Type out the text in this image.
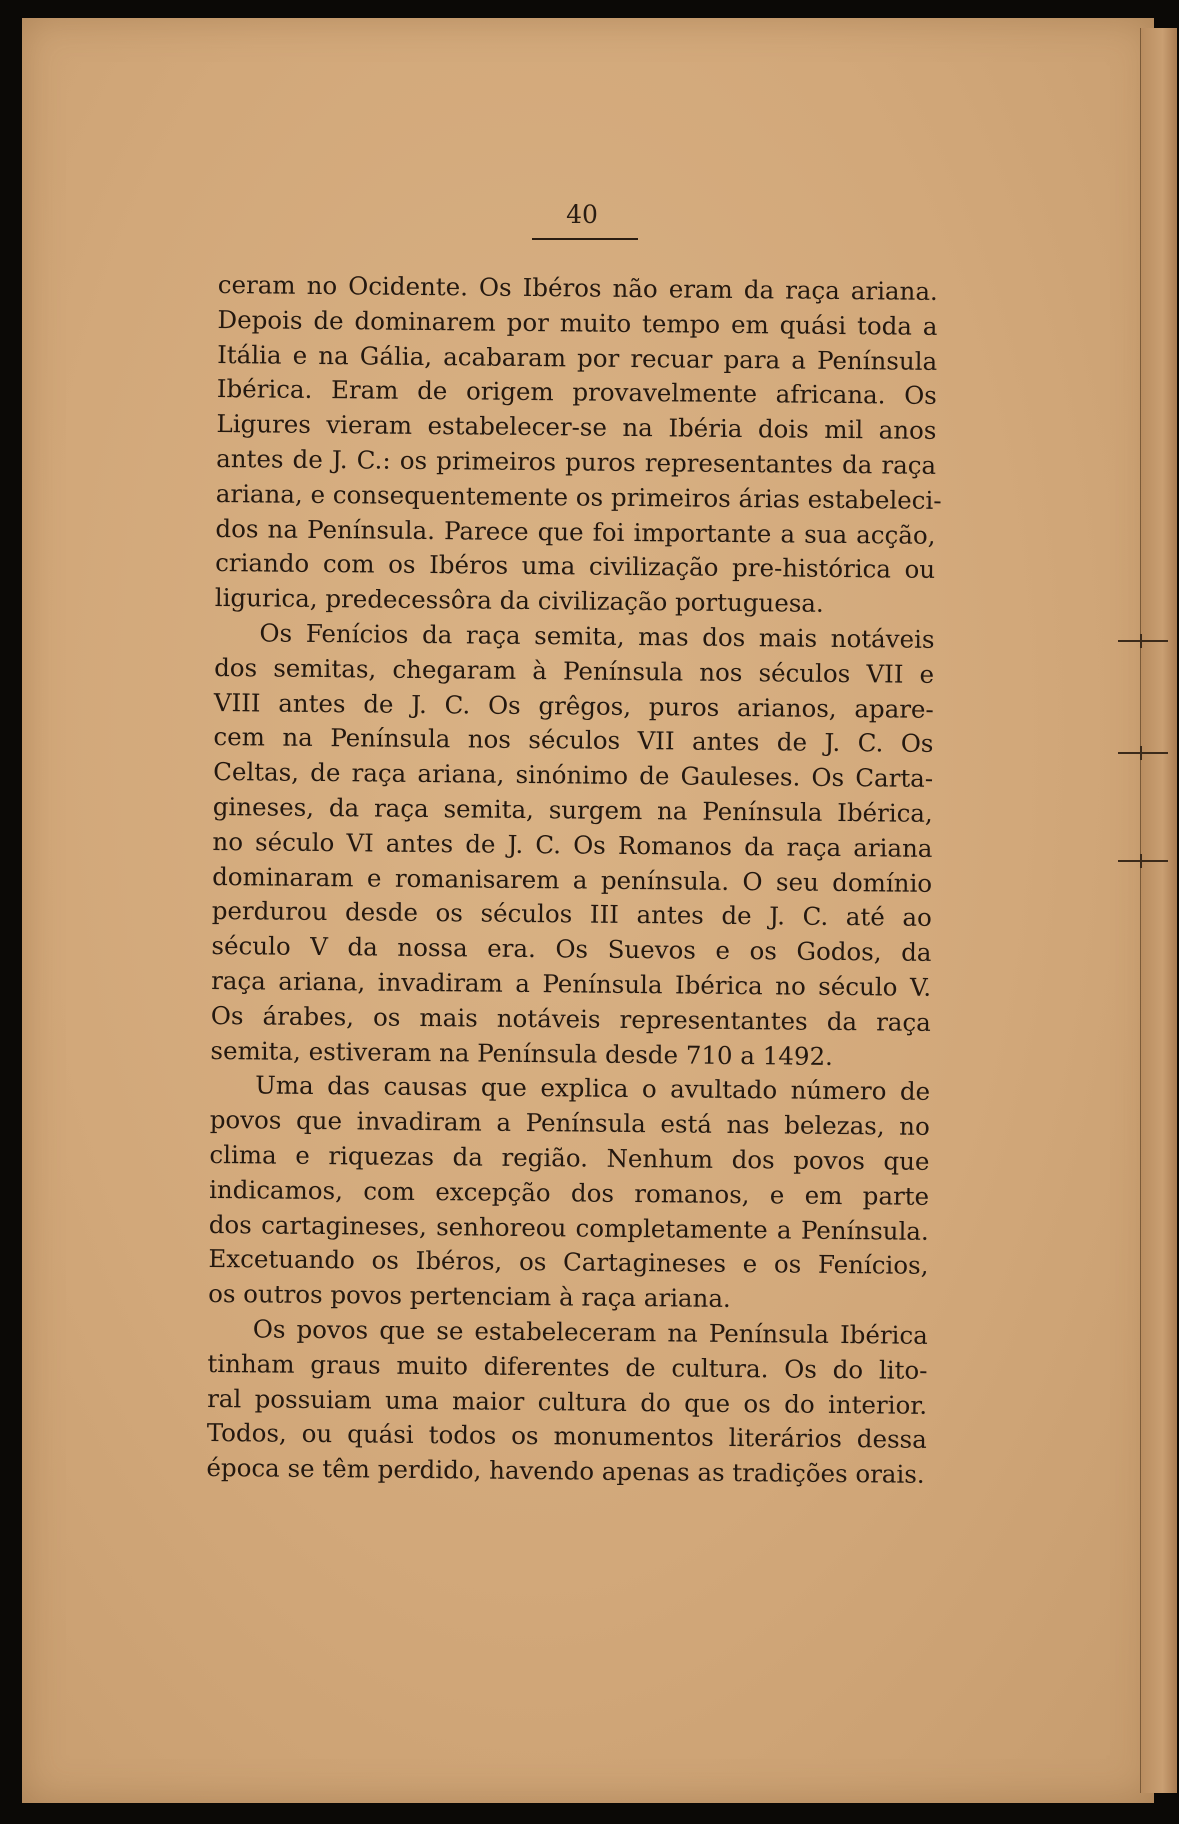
40
ceram no Ocidente. Os Ibéros não eram da raça ariana.
Depois de dominarem por muito tempo em quási toda a
Itália e na Gália, acabaram por recuar para a Península
Ibérica. Eram de origem provavelmente africana. Os
Ligures vieram estabelecer-se na Ibéria dois mil anos
antes de J. C.: os primeiros puros representantes da raça
ariana, e consequentemente os primeiros árias estabeleci-
dos na Península. Parece que foi importante a sua acção,
criando com os Ibéros uma civilização pre-histórica ou
ligurica, predecessôra da civilização portuguesa.
Os Fenícios da raça semita, mas dos mais notáveis
dos semitas, chegaram à Península nos séculos VII e
VIII antes de J. C. Os grêgos, puros arianos, apare-
cem na Península nos séculos VII antes de J. C. Os
Celtas, de raça ariana, sinónimo de Gauleses. Os Carta-
gineses, da raça semita, surgem na Península Ibérica,
no século VI antes de J. C. Os Romanos da raça ariana
dominaram e romanisarem a península. O seu domínio
perdurou desde os séculos III antes de J. C. até ao
século V da nossa era. Os Suevos e os Godos, da
raça ariana, invadiram a Península Ibérica no século V.
Os árabes, os mais notáveis representantes da raça
semita, estiveram na Península desde 710 a 1492.
Uma das causas que explica o avultado número de
povos que invadiram a Península está nas belezas, no
clima e riquezas da região. Nenhum dos povos que
indicamos, com excepção dos romanos, e em parte
dos cartagineses, senhoreou completamente a Península.
Excetuando os Ibéros, os Cartagineses e os Fenícios,
os outros povos pertenciam à raça ariana.
Os povos que se estabeleceram na Península Ibérica
tinham graus muito diferentes de cultura. Os do lito-
ral possuiam uma maior cultura do que os do interior.
Todos, ou quási todos os monumentos literários dessa
época se têm perdido, havendo apenas as tradições orais.
